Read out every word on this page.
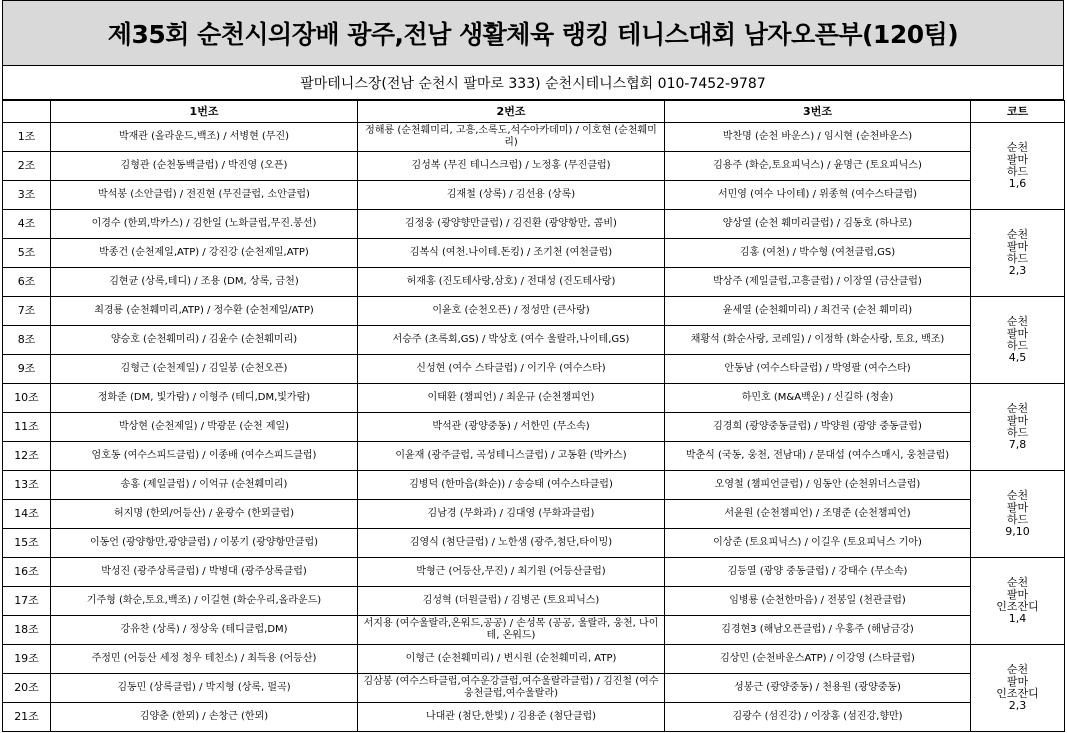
제35회 순천시의장배 광주,전남 생활체육 랭킹 테니스대회 남자오픈부(120팀)
팔마테니스장(전남 순천시 팔마로 333) 순천시테니스협회 010-7452-9787
	1번조	2번조	3번조	코트
1조	박재관 (올라운드,백조) / 서병현 (무진)	정해룡 (순천훼미리, 고흥,소록도,석수아카데미) / 이호현 (순천훼미리)	박찬명 (순천 바운스) / 임시현 (순천바운스)	순천
팔마
하드
1,6
2조	김형관 (순천동백클럽) / 박진영 (오픈)	김성복 (무진 테니스크럽) / 노정홍 (무진클럽)	김용주 (화순,토요피닉스) / 윤명근 (토요피닉스)	
3조	박석봉 (소안클럽) / 전진현 (무진클럽, 소안클럽)	김재철 (상록) / 김선용 (상록)	서민영 (여수 나이테) / 위종혁 (여수스타클럽)	
4조	이경수 (한뫼,박카스) / 김한일 (노화클럽,무진.봉선)	김정웅 (광양향만클럽) / 김진환 (광양항만, 콤비)	양상열 (순천 훼미리클럽) / 김동호 (하나로)	순천
팔마
하드
2,3
5조	박종건 (순천제일,ATP) / 강진강 (순천제일,ATP)	김복식 (여천.나이테.돈킹) / 조기천 (여천클럽)	김홍 (여천) / 박수형 (여천클럽,GS)	
6조	김현균 (상록,테디) / 조용 (DM, 상록, 금천)	허재홍 (진도테사랑,삼호) / 전대성 (진도테사랑)	박상주 (제일클럽,고흥클럽) / 이장열 (금산클럽)	
7조	최경룡 (순천훼미리,ATP) / 정수환 (순천제일/ATP)	이윤호 (순천오픈) / 정성만 (큰사랑)	윤세열 (순천훼미리) / 최건국 (순천 훼미리)	순천
팔마
하드
4,5
8조	양승호 (순천훼미리) / 김윤수 (순천훼미리)	서승주 (초록회,GS) / 박상호 (여수 울랄라,나이테,GS)	채황석 (화순사랑, 코레일) / 이정학 (화순사랑, 토요, 백조)	
9조	김형근 (순천제일) / 김일봉 (순천오픈)	신성현 (여수 스타클럽) / 이기우 (여수스타)	안동남 (여수스타클럽) / 박영팔 (여수스타)	
10조	정화준 (DM, 빛가람) / 이형주 (테디,DM,빛가람)	이태환 (챔피언) / 최운규 (순천챔피언)	하민호 (M&A백운) / 신길하 (청솔)	순천
팔마
하드
7,8
11조	박상현 (순천제일) / 박광문 (순천 제일)	박석관 (광양중동) / 서한민 (무소속)	김경희 (광양중동클럽) / 박양원 (광양 중동클럽)	
12조	엄호동 (여수스피드클럽) / 이종배 (여수스피드클럽)	이윤재 (광주클럽, 곡성테니스클럽) / 고동환 (박카스)	박춘식 (국동, 웅천, 전남대) / 문대섭 (여수스매시, 웅천클럽)	
13조	송홍 (제일클럽) / 이억규 (순천훼미리)	김병덕 (한마음(화순)) / 송승태 (여수스타클럽)	오영철 (챔피언클럽) / 임동안 (순천위너스클럽)	순천
팔마
하드
9,10
14조	허지명 (한뫼/어등산) / 윤광수 (한뫼클럽)	김남경 (무화과) / 김대영 (무화과클럽)	서윤원 (순천챔피언) / 조명준 (순천챔피언)	
15조	이동언 (광양항만,광양클럽) / 이봉기 (광양항만클럽)	김영식 (첨단클럽) / 노한샘 (광주,첨단,타이밍)	이상준 (토요피닉스) / 이길우 (토요피닉스 기아)	
16조	박성진 (광주상록클럽) / 박병대 (광주상록클럽)	박형근 (어등산,무진) / 최기원 (어등산클럽)	김등열 (광양 중동클럽) / 강태수 (무소속)	순천
팔마
인조잔디
1,4
17조	기주형 (화순,토요,백조) / 이길현 (화순우리,올라운드)	김성혁 (더원클럽) / 김병곤 (토요피닉스)	임병룡 (순천한마음) / 전봉일 (천관클럽)	
18조	강유찬 (상록) / 정상욱 (테디클럽,DM)	서지용 (여수울랄라,온워드,공공) / 손성목 (공공, 울랄라, 웅천, 나이테, 온워드)	김경현3 (해남오픈클럽) / 우홍주 (해남금강)	
19조	주정민 (어등산 세정 청우 테친소) / 최득용 (어등산)	이형근 (순천훼미리) / 변시원 (순천훼미리, ATP)	김상민 (순천바운스ATP) / 이강영 (스타클럽)	순천
팔마
인조잔디
2,3
20조	김동민 (상록클럽) / 박지형 (상록, 펄곡)	김삼봉 (여수스타클럽,여수운강클럽,여수울랄라클럽) / 김진철 (여수웅천클럽,여수울랄라)	성봉근 (광양중동) / 천용원 (광양중동)	
21조	김양춘 (한뫼) / 손창근 (한뫼)	나대관 (첨단,한빛) / 김용준 (첨단클럽)	김광수 (섬진강) / 이장홍 (섬진강,향만)	
